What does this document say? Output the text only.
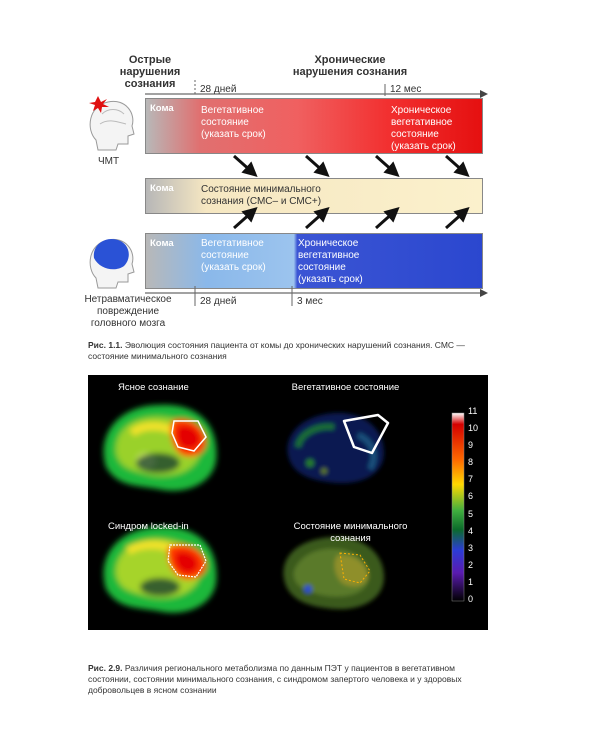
Острые
нарушения сознания
Хронические
нарушения сознания
28 дней	12 мес
ЧМТ
Нетравматическое
повреждение
головного мозга
Кома	Вегетативное
состояние
(указать срок)
Хроническое
вегетативное
состояние
(указать срок)
Кома	Состояние минимального
сознания (СМС– и СМС+)
Кома	Вегетативное
состояние
(указать срок)
Хроническое
вегетативное
состояние
(указать срок)
28 дней	3 мес
Рис. 1.1. Эволюция состояния пациента от комы до хронических нарушений сознания. СМС — состояние минимального сознания
Ясное сознание	Вегетативное состояние
Синдром locked-in	Состояние минимального
сознания
11
10
9
8
7
6
5
4
3
2
1
0
Рис. 2.9. Различия регионального метаболизма по данным ПЭТ у пациентов в вегетативном состоянии, состоянии минимального сознания, с синдромом запертого человека и у здоровых добровольцев в ясном сознании
